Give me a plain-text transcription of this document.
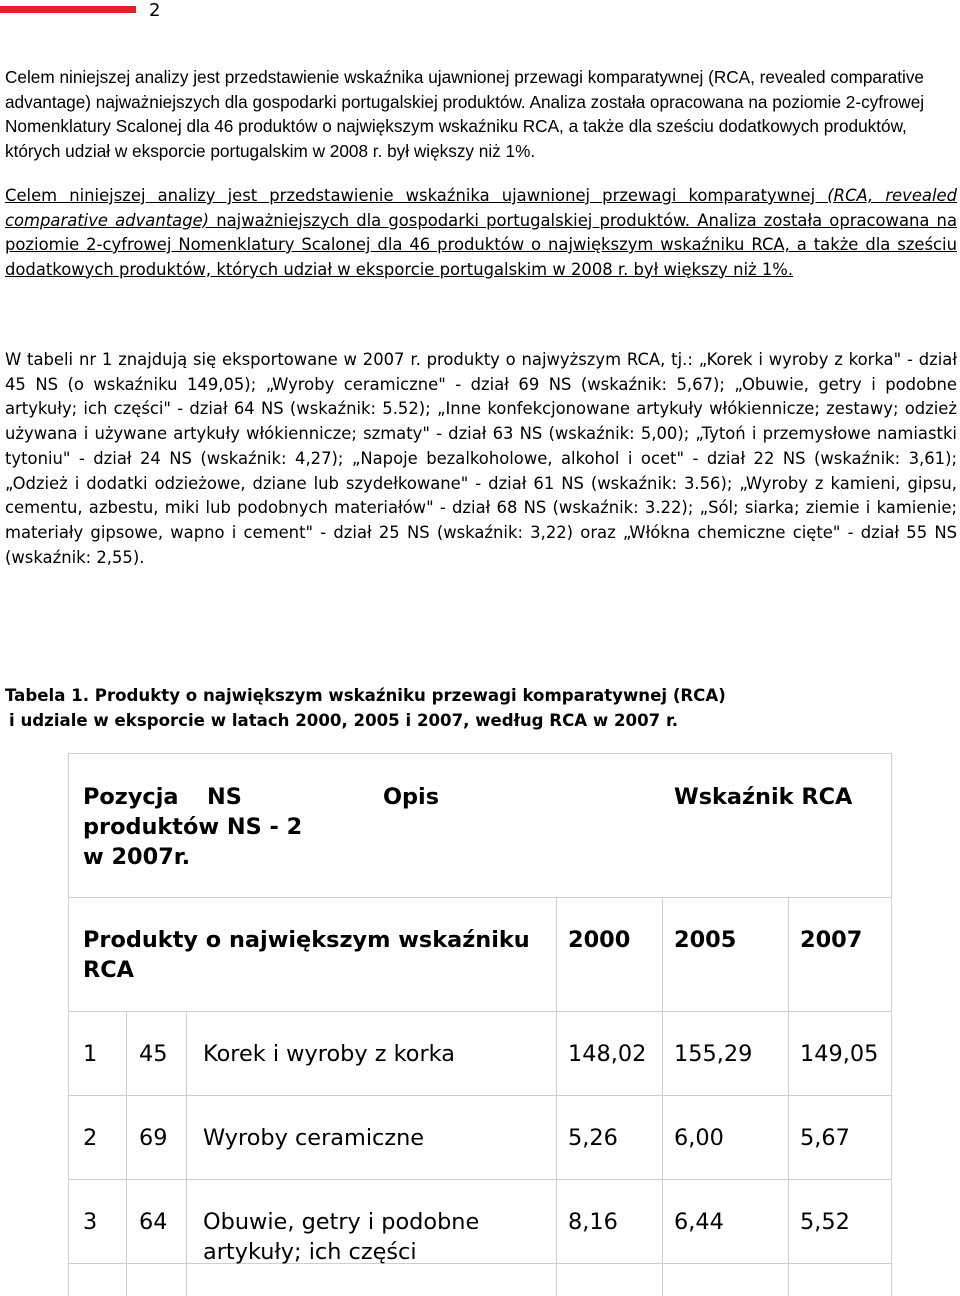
2
Celem niniejszej analizy jest przedstawienie wskaźnika ujawnionej przewagi komparatywnej (RCA, revealed comparative advantage) najważniejszych dla gospodarki portugalskiej produktów. Analiza została opracowana na poziomie 2-cyfrowej Nomenklatury Scalonej dla 46 produktów o największym wskaźniku RCA, a także dla sześciu dodatkowych produktów, których udział w eksporcie portugalskim w 2008 r. był większy niż 1%.
Celem niniejszej analizy jest przedstawienie wskaźnika ujawnionej przewagi komparatywnej (RCA, revealed comparative advantage) najważniejszych dla gospodarki portugalskiej produktów. Analiza została opracowana na poziomie 2-cyfrowej Nomenklatury Scalonej dla 46 produktów o największym wskaźniku RCA, a także dla sześciu dodatkowych produktów, których udział w eksporcie portugalskim w 2008 r. był większy niż 1%.
W tabeli nr 1 znajdują się eksportowane w 2007 r. produkty o najwyższym RCA, tj.: „Korek i wyroby z korka" - dział 45 NS (o wskaźniku 149,05); „Wyroby ceramiczne" - dział 69 NS (wskaźnik: 5,67); „Obuwie, getry i podobne artykuły; ich części" - dział 64 NS (wskaźnik: 5.52); „Inne konfekcjonowane artykuły włókiennicze; zestawy; odzież używana i używane artykuły włókiennicze; szmaty" - dział 63 NS (wskaźnik: 5,00); „Tytoń i przemysłowe namiastki tytoniu" - dział 24 NS (wskaźnik: 4,27); „Napoje bezalkoholowe, alkohol i ocet" - dział 22 NS (wskaźnik: 3,61); „Odzież i dodatki odzieżowe, dziane lub szydełkowane" - dział 61 NS (wskaźnik: 3.56); „Wyroby z kamieni, gipsu, cementu, azbestu, miki lub podobnych materiałów" - dział 68 NS (wskaźnik: 3.22); „Sól; siarka; ziemie i kamienie; materiały gipsowe, wapno i cement" - dział 25 NS (wskaźnik: 3,22) oraz „Włókna chemiczne cięte" - dział 55 NS (wskaźnik: 2,55).
Tabela 1. Produkty o największym wskaźniku przewagi komparatywnej (RCA)
i udziale w eksporcie w latach 2000, 2005 i 2007, według RCA w 2007 r.
Pozycja NS
produktów NS - 2
w 2007r.
Opis	Wskaźnik RCA
Produkty o największym wskaźniku
RCA
2000 2005	2007
1 45 Korek i wyroby z korka	148,02 155,29 149,05
2 69 Wyroby ceramiczne	5,26	6,00	5,67
3 64 Obuwie, getry i podobne
artykuły; ich części
8,16	6,44	5,52
